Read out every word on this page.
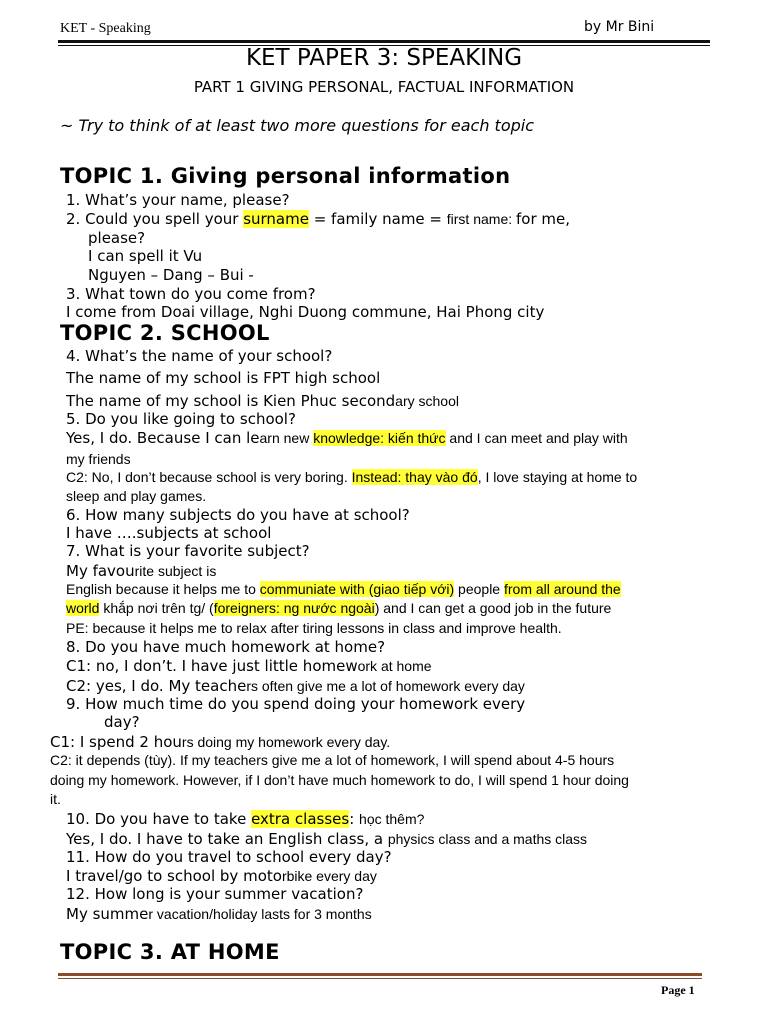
KET - Speaking	by Mr Bini
KET PAPER 3: SPEAKING
PART 1 GIVING PERSONAL, FACTUAL INFORMATION
~ Try to think of at least two more questions for each topic
TOPIC 1. Giving personal information
1. What’s your name, please?
2. Could you spell your surname = family name = first name: for me,
please?
I can spell it Vu
Nguyen – Dang – Bui -
3. What town do you come from?
I come from Doai village, Nghi Duong commune, Hai Phong city
TOPIC 2. SCHOOL
4. What’s the name of your school?
The name of my school is FPT high school
The name of my school is Kien Phuc secondary school
5. Do you like going to school?
Yes, I do. Because I can learn new knowledge: kiến thức and I can meet and play with
my friends
C2: No, I don’t because school is very boring. Instead: thay vào đó, I love staying at home to
sleep and play games.
6. How many subjects do you have at school?
I have ….subjects at school
7. What is your favorite subject?
My favourite subject is
English because it helps me to communiate with (giao tiếp với) people from all around the
world khắp nơi trên tg/ (foreigners: ng nước ngoài) and I can get a good job in the future
PE: because it helps me to relax after tiring lessons in class and improve health.
8. Do you have much homework at home?
C1: no, I don’t. I have just little homework at home
C2: yes, I do. My teachers often give me a lot of homework every day
9. How much time do you spend doing your homework every
day?
C1: I spend 2 hours doing my homework every day.
C2: it depends (tùy). If my teachers give me a lot of homework, I will spend about 4-5 hours
doing my homework. However, if I don’t have much homework to do, I will spend 1 hour doing
it.
10. Do you have to take extra classes: học thêm?
Yes, I do. I have to take an English class, a physics class and a maths class
11. How do you travel to school every day?
I travel/go to school by motorbike every day
12. How long is your summer vacation?
My summer vacation/holiday lasts for 3 months
TOPIC 3. AT HOME
Page 1
